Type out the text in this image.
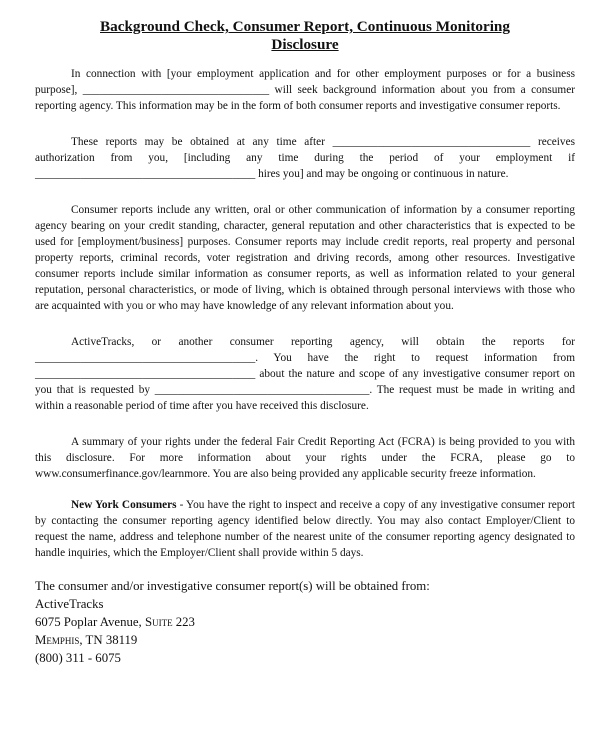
Background Check, Consumer Report, Continuous Monitoring
Disclosure

In connection with [your employment application and for other employment purposes or for a business purpose], _________________________________ will seek background information about you from a consumer reporting agency. This information may be in the form of both consumer reports and investigative consumer reports.

These reports may be obtained at any time after ___________________________________ receives authorization from you, [including any time during the period of your employment if _______________________________________ hires you] and may be ongoing or continuous in nature.

Consumer reports include any written, oral or other communication of information by a consumer reporting agency bearing on your credit standing, character, general reputation and other characteristics that is expected to be used for [employment/business] purposes. Consumer reports may include credit reports, real property and personal property reports, criminal records, voter registration and driving records, among other resources. Investigative consumer reports include similar information as consumer reports, as well as information related to your general reputation, personal characteristics, or mode of living, which is obtained through personal interviews with those who are acquainted with you or who may have knowledge of any relevant information about you.

ActiveTracks, or another consumer reporting agency, will obtain the reports for _______________________________________. You have the right to request information from _______________________________________ about the nature and scope of any investigative consumer report on you that is requested by ______________________________________. The request must be made in writing and within a reasonable period of time after you have received this disclosure.

A summary of your rights under the federal Fair Credit Reporting Act (FCRA) is being provided to you with this disclosure. For more information about your rights under the FCRA, please go to www.consumerfinance.gov/learnmore. You are also being provided any applicable security freeze information.

New York Consumers - You have the right to inspect and receive a copy of any investigative consumer report by contacting the consumer reporting agency identified below directly. You may also contact Employer/Client to request the name, address and telephone number of the nearest unite of the consumer reporting agency designated to handle inquiries, which the Employer/Client shall provide within 5 days.

The consumer and/or investigative consumer report(s) will be obtained from:
ActiveTracks
6075 Poplar Avenue, Suite 223
Memphis, TN 38119
(800) 311 - 6075
